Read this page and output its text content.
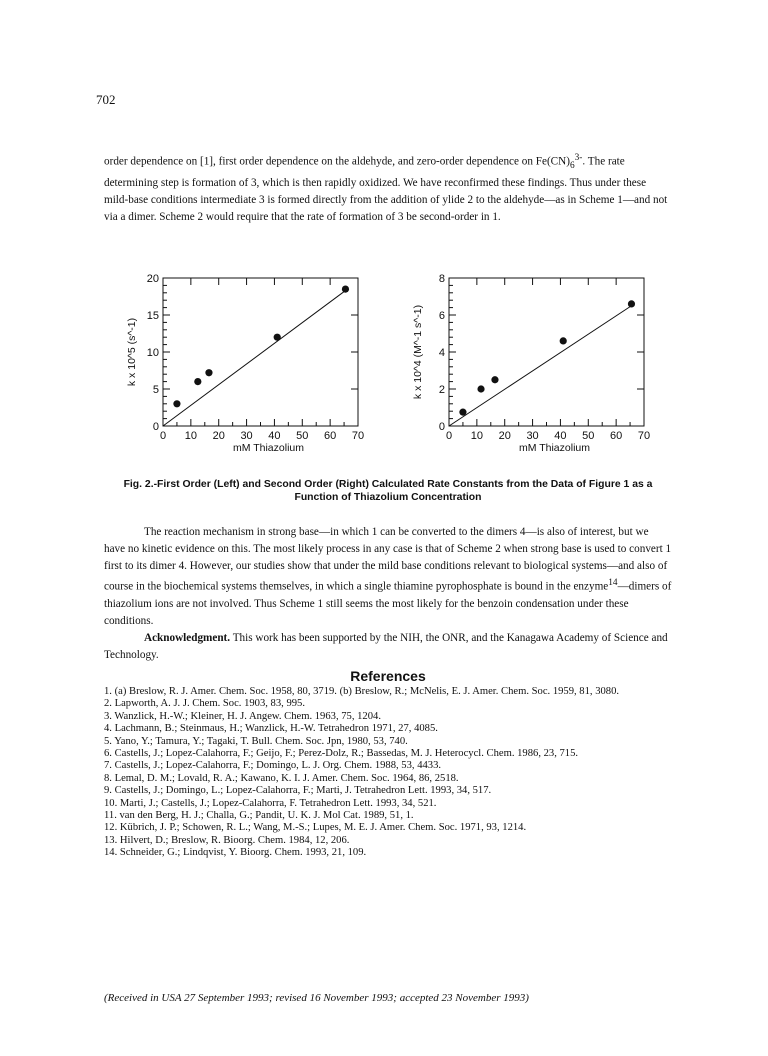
702

order dependence on [1], first order dependence on the aldehyde, and zero-order dependence on $Fe(CN)_6^{3-}$. The rate determining step is formation of 3, which is then rapidly oxidized. We have reconfirmed these findings. Thus under these mild-base conditions intermediate 3 is formed directly from the addition of ylide 2 to the aldehyde—as in Scheme 1—and not via a dimer. Scheme 2 would require that the rate of formation of 3 be second-order in 1.

0 10 20 30 40 50 60 70
0
5
10
15
20
mM Thiazolium
k x 10^5 (s^-1)
0 10 20 30 40 50 60 70
0
2
4
6
8
mM Thiazolium
k x 10^4 (M^-1 s^-1)
Fig. 2.-First Order (Left) and Second Order (Right) Calculated Rate Constants from the Data of Figure 1 as a Function of Thiazolium Concentration

The reaction mechanism in strong base—in which 1 can be converted to the dimers 4—is also of interest, but we have no kinetic evidence on this. The most likely process in any case is that of Scheme 2 when strong base is used to convert 1 first to its dimer 4. However, our studies show that under the mild base conditions relevant to biological systems—and also of course in the biochemical systems themselves, in which a single thiamine pyrophosphate is bound in the enzyme$^{14}$—dimers of thiazolium ions are not involved. Thus Scheme 1 still seems the most likely for the benzoin condensation under these conditions.

Acknowledgment. This work has been supported by the NIH, the ONR, and the Kanagawa Academy of Science and Technology.

References
1. (a) Breslow, R. J. Amer. Chem. Soc. 1958, 80, 3719. (b) Breslow, R.; McNelis, E. J. Amer. Chem. Soc. 1959, 81, 3080.
2. Lapworth, A. J. J. Chem. Soc. 1903, 83, 995.
3. Wanzlick, H.-W.; Kleiner, H. J. Angew. Chem. 1963, 75, 1204.
4. Lachmann, B.; Steinmaus, H.; Wanzlick, H.-W. Tetrahedron 1971, 27, 4085.
5. Yano, Y.; Tamura, Y.; Tagaki, T. Bull. Chem. Soc. Jpn, 1980, 53, 740.
6. Castells, J.; Lopez-Calahorra, F.; Geijo, F.; Perez-Dolz, R.; Bassedas, M. J. Heterocycl. Chem. 1986, 23, 715.
7. Castells, J.; Lopez-Calahorra, F.; Domingo, L. J. Org. Chem. 1988, 53, 4433.
8. Lemal, D. M.; Lovald, R. A.; Kawano, K. I. J. Amer. Chem. Soc. 1964, 86, 2518.
9. Castells, J.; Domingo, L.; Lopez-Calahorra, F.; Marti, J. Tetrahedron Lett. 1993, 34, 517.
10. Marti, J.; Castells, J.; Lopez-Calahorra, F. Tetrahedron Lett. 1993, 34, 521.
11. van den Berg, H. J.; Challa, G.; Pandit, U. K. J. Mol Cat. 1989, 51, 1.
12. Kübrich, J. P.; Schowen, R. L.; Wang, M.-S.; Lupes, M. E. J. Amer. Chem. Soc. 1971, 93, 1214.
13. Hilvert, D.; Breslow, R. Bioorg. Chem. 1984, 12, 206.
14. Schneider, G.; Lindqvist, Y. Bioorg. Chem. 1993, 21, 109.
(Received in USA 27 September 1993; revised 16 November 1993; accepted 23 November 1993)
